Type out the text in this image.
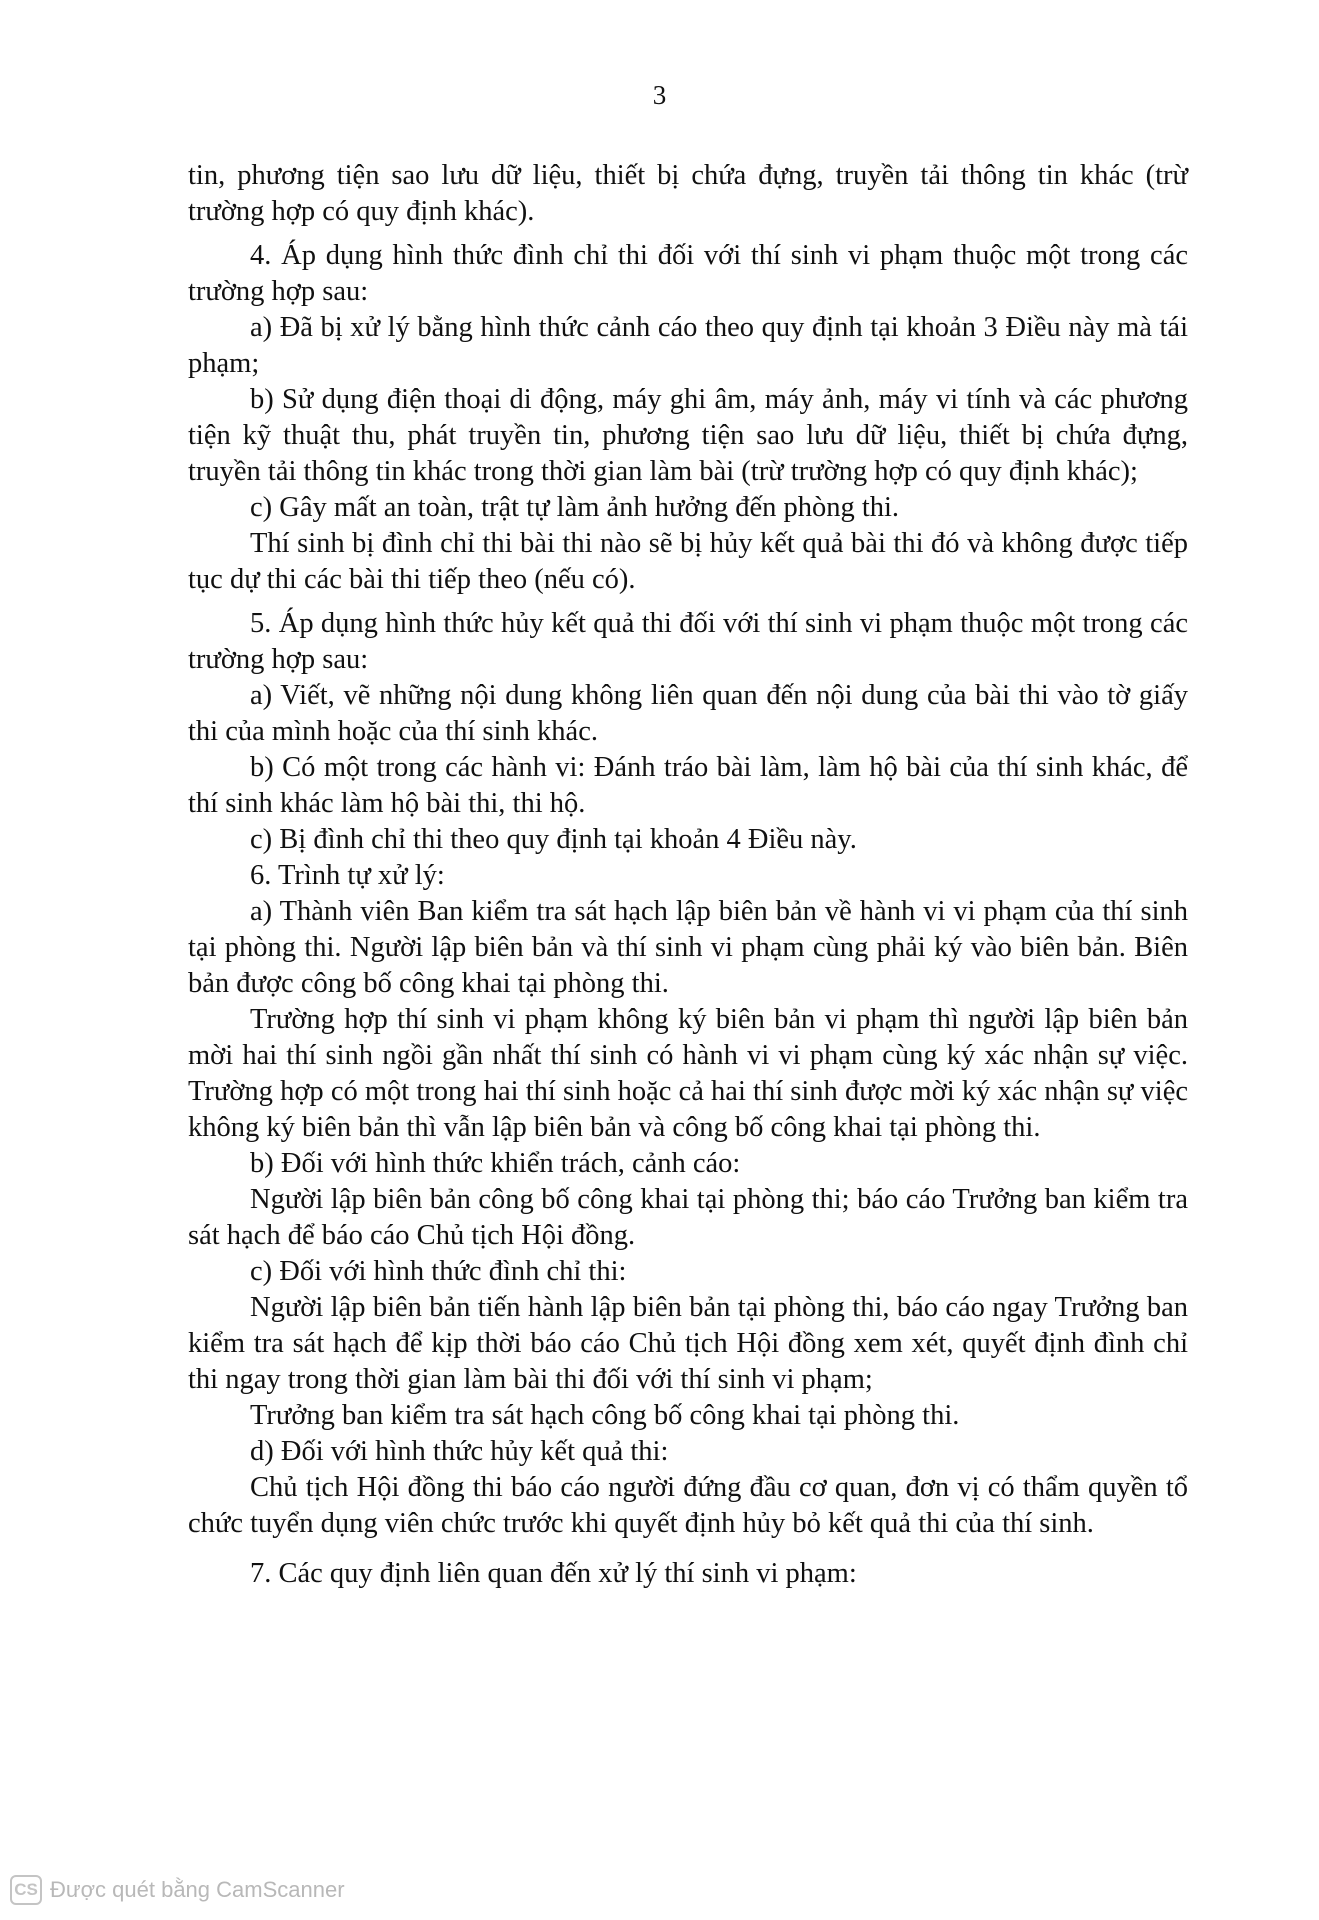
3

tin, phương tiện sao lưu dữ liệu, thiết bị chứa đựng, truyền tải thông tin khác (trừ trường hợp có quy định khác).

4. Áp dụng hình thức đình chỉ thi đối với thí sinh vi phạm thuộc một trong các trường hợp sau:

a) Đã bị xử lý bằng hình thức cảnh cáo theo quy định tại khoản 3 Điều này mà tái phạm;

b) Sử dụng điện thoại di động, máy ghi âm, máy ảnh, máy vi tính và các phương tiện kỹ thuật thu, phát truyền tin, phương tiện sao lưu dữ liệu, thiết bị chứa đựng, truyền tải thông tin khác trong thời gian làm bài (trừ trường hợp có quy định khác);

c) Gây mất an toàn, trật tự làm ảnh hưởng đến phòng thi.

Thí sinh bị đình chỉ thi bài thi nào sẽ bị hủy kết quả bài thi đó và không được tiếp tục dự thi các bài thi tiếp theo (nếu có).

5. Áp dụng hình thức hủy kết quả thi đối với thí sinh vi phạm thuộc một trong các trường hợp sau:

a) Viết, vẽ những nội dung không liên quan đến nội dung của bài thi vào tờ giấy thi của mình hoặc của thí sinh khác.

b) Có một trong các hành vi: Đánh tráo bài làm, làm hộ bài của thí sinh khác, để thí sinh khác làm hộ bài thi, thi hộ.

c) Bị đình chỉ thi theo quy định tại khoản 4 Điều này.

6. Trình tự xử lý:

a) Thành viên Ban kiểm tra sát hạch lập biên bản về hành vi vi phạm của thí sinh tại phòng thi. Người lập biên bản và thí sinh vi phạm cùng phải ký vào biên bản. Biên bản được công bố công khai tại phòng thi.

Trường hợp thí sinh vi phạm không ký biên bản vi phạm thì người lập biên bản mời hai thí sinh ngồi gần nhất thí sinh có hành vi vi phạm cùng ký xác nhận sự việc. Trường hợp có một trong hai thí sinh hoặc cả hai thí sinh được mời ký xác nhận sự việc không ký biên bản thì vẫn lập biên bản và công bố công khai tại phòng thi.

b) Đối với hình thức khiển trách, cảnh cáo:

Người lập biên bản công bố công khai tại phòng thi; báo cáo Trưởng ban kiểm tra sát hạch để báo cáo Chủ tịch Hội đồng.

c) Đối với hình thức đình chỉ thi:

Người lập biên bản tiến hành lập biên bản tại phòng thi, báo cáo ngay Trưởng ban kiểm tra sát hạch để kịp thời báo cáo Chủ tịch Hội đồng xem xét, quyết định đình chỉ thi ngay trong thời gian làm bài thi đối với thí sinh vi phạm;

Trưởng ban kiểm tra sát hạch công bố công khai tại phòng thi.

d) Đối với hình thức hủy kết quả thi:

Chủ tịch Hội đồng thi báo cáo người đứng đầu cơ quan, đơn vị có thẩm quyền tổ chức tuyển dụng viên chức trước khi quyết định hủy bỏ kết quả thi của thí sinh.

7. Các quy định liên quan đến xử lý thí sinh vi phạm:

CS Được quét bằng CamScanner
